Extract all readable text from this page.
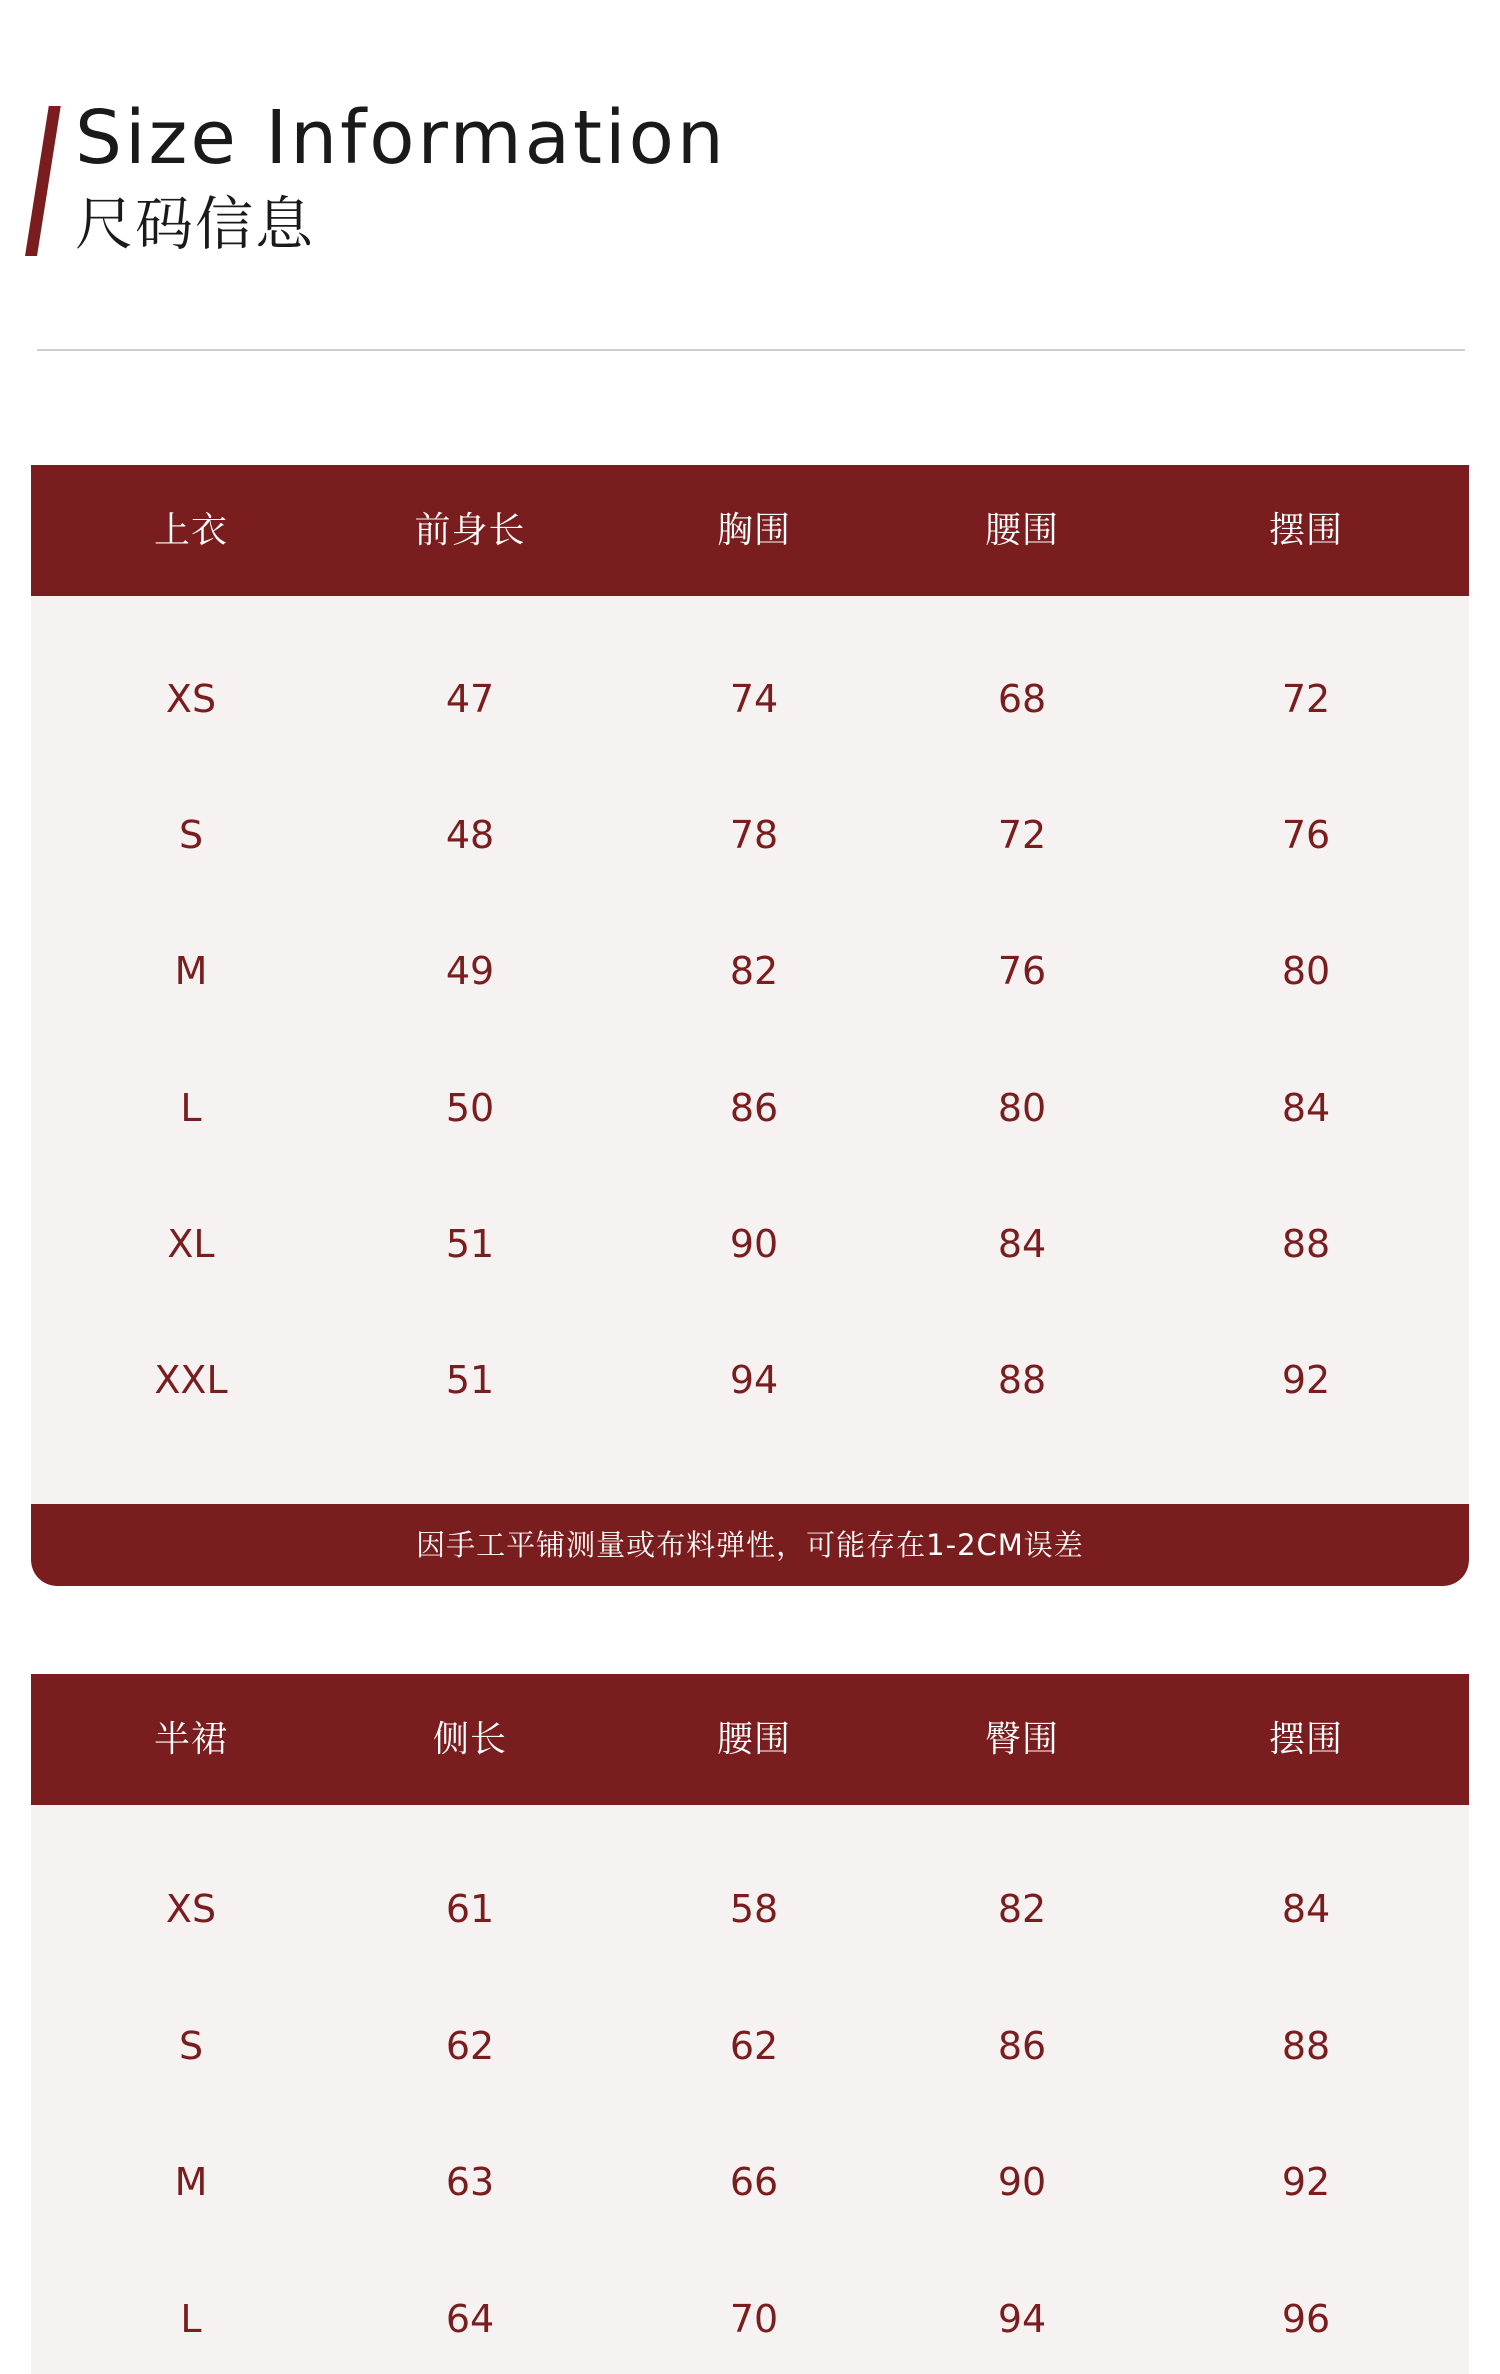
Size Information
尺码信息
上衣	前身长	胸围	腰围	摆围
XS	47	74	68	72
S	48	78	72	76
M	49	82	76	80
L	50	86	80	84
XL	51	90	84	88
XXL	51	94	88	92
因手工平铺测量或布料弹性，可能存在1-2CM误差
半裙	侧长	腰围	臀围	摆围
XS	61	58	82	84
S	62	62	86	88
M	63	66	90	92
L	64	70	94	96
